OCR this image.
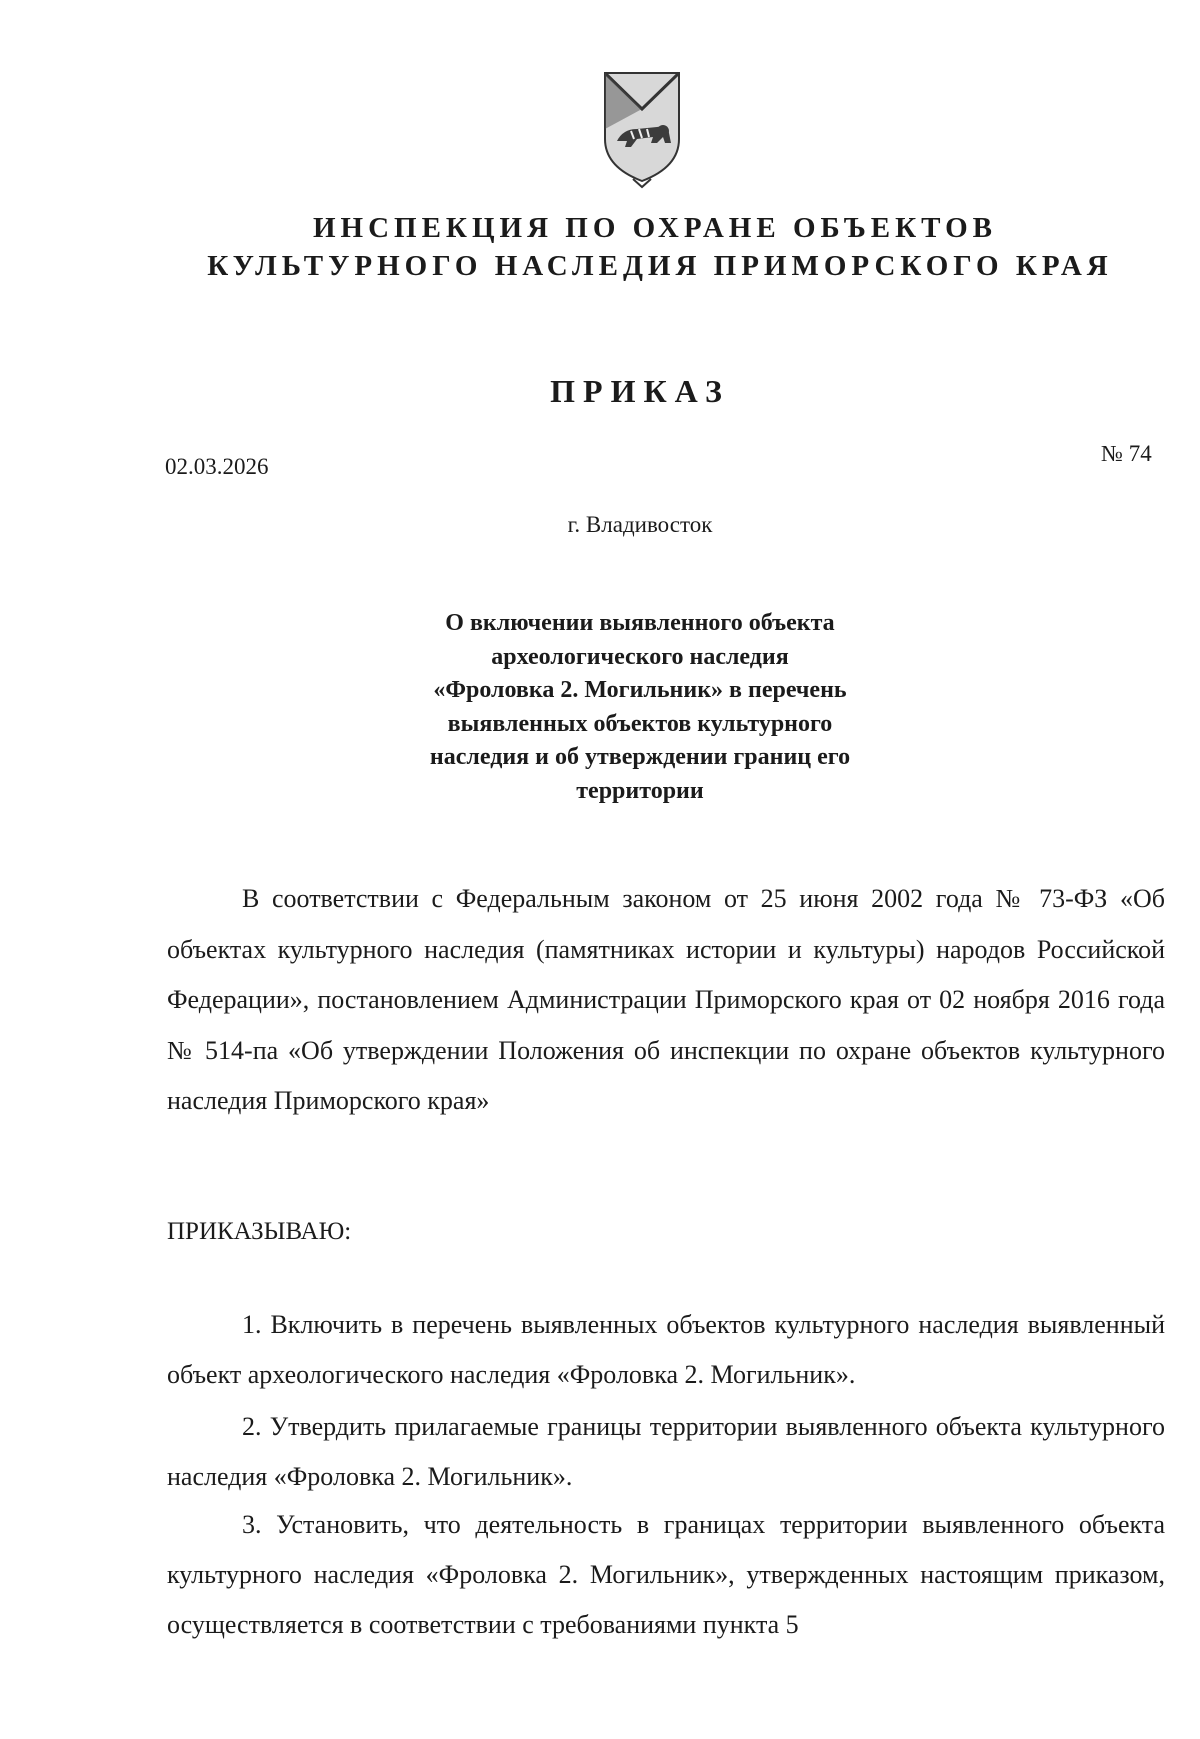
ИНСПЕКЦИЯ ПО ОХРАНЕ ОБЪЕКТОВ
КУЛЬТУРНОГО НАСЛЕДИЯ ПРИМОРСКОГО КРАЯ
ПРИКАЗ
02.03.2026
№ 74
г. Владивосток
О включении выявленного объекта
археологического наследия
«Фроловка 2. Могильник» в перечень
выявленных объектов культурного
наследия и об утверждении границ его
территории
В соответствии с Федеральным законом от 25 июня 2002 года № 73-ФЗ «Об объектах культурного наследия (памятниках истории и культуры) народов Российской Федерации», постановлением Администрации Приморского края от 02 ноября 2016 года № 514-па «Об утверждении Положения об инспекции по охране объектов культурного наследия Приморского края»
ПРИКАЗЫВАЮ:
1. Включить в перечень выявленных объектов культурного наследия выявленный объект археологического наследия «Фроловка 2. Могильник».
2. Утвердить прилагаемые границы территории выявленного объекта культурного наследия «Фроловка 2. Могильник».
3. Установить, что деятельность в границах территории выявленного объекта культурного наследия «Фроловка 2. Могильник», утвержденных настоящим приказом, осуществляется в соответствии с требованиями пункта 5
